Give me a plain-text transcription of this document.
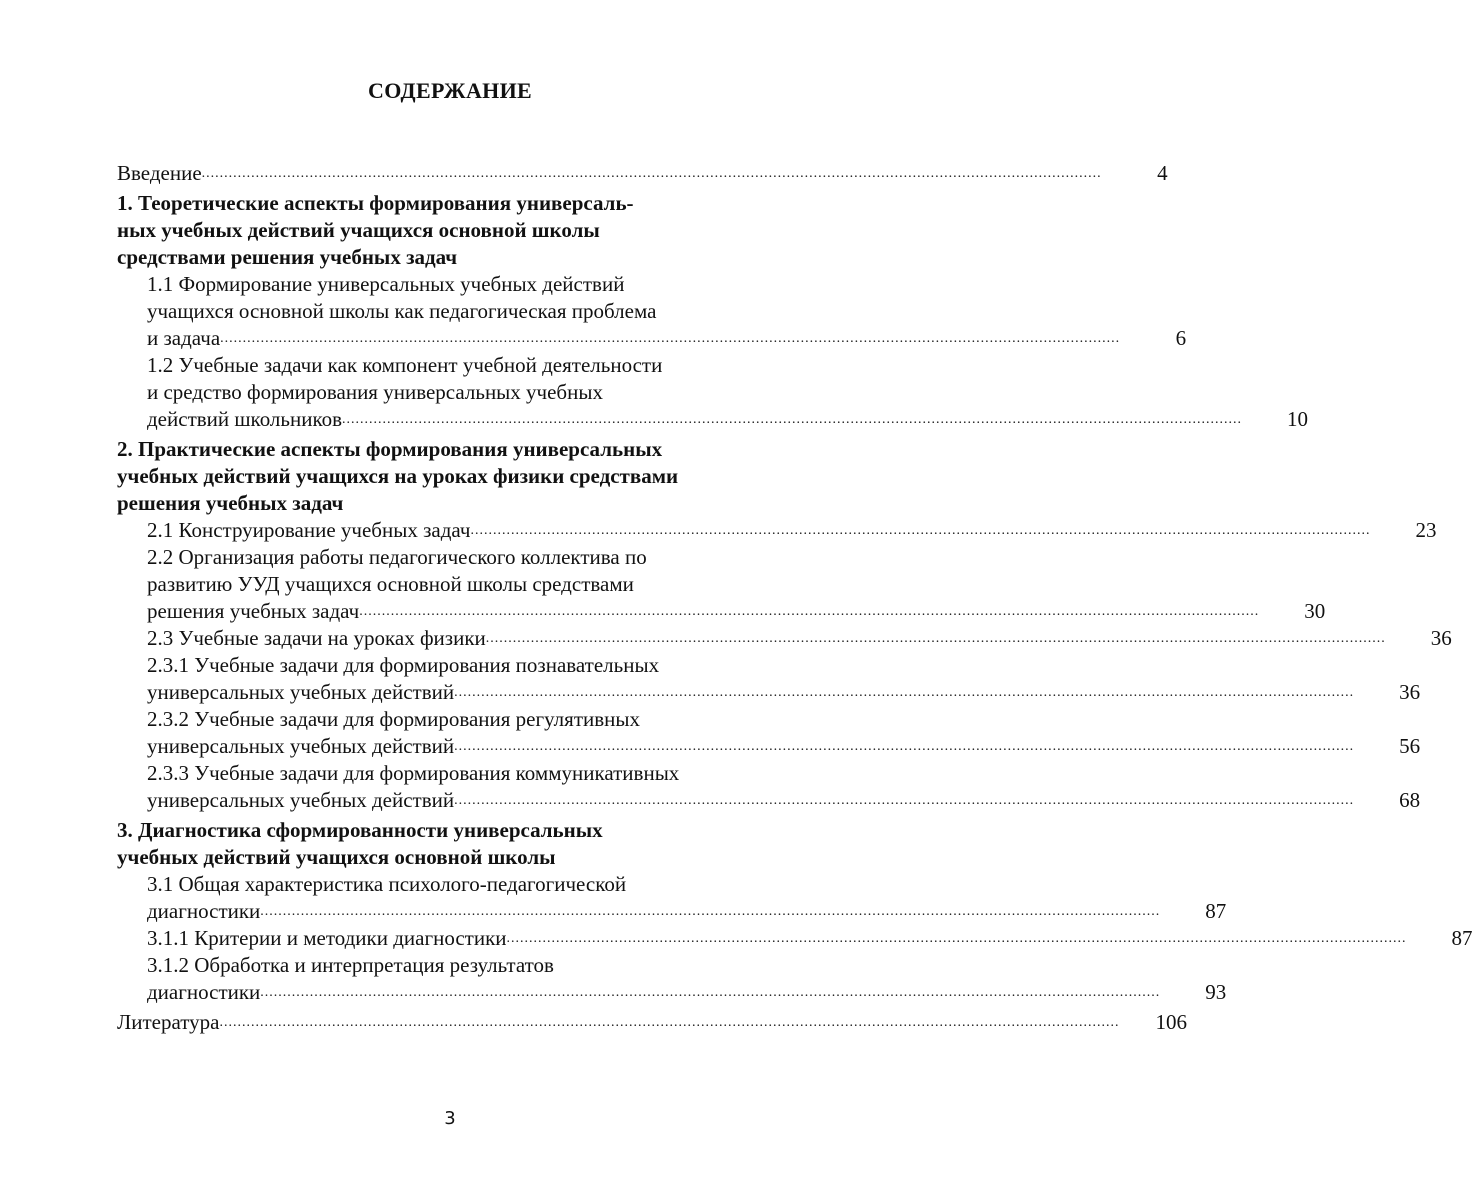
СОДЕРЖАНИЕ
Введение ........................................................................................................................................................................................................	4
1. Теоретические аспекты формирования универсаль-
ных учебных действий учащихся основной школы
средствами решения учебных задач
1.1 Формирование универсальных учебных действий
учащихся основной школы как педагогическая проблема
и задача ........................................................................................................................................................................................................	6
1.2 Учебные задачи как компонент учебной деятельности
и средство формирования универсальных учебных
действий школьников ........................................................................................................................................................................................................	10
2. Практические аспекты формирования универсальных
учебных действий учащихся на уроках физики средствами
решения учебных задач
2.1 Конструирование учебных задач ........................................................................................................................................................................................................	23
2.2 Организация работы педагогического коллектива по
развитию УУД учащихся основной школы средствами
решения учебных задач ........................................................................................................................................................................................................	30
2.3 Учебные задачи на уроках физики ........................................................................................................................................................................................................	36
2.3.1 Учебные задачи для формирования познавательных
универсальных учебных действий ........................................................................................................................................................................................................	36
2.3.2 Учебные задачи для формирования регулятивных
универсальных учебных действий ........................................................................................................................................................................................................	56
2.3.3 Учебные задачи для формирования коммуникативных
универсальных учебных действий ........................................................................................................................................................................................................	68
3. Диагностика сформированности универсальных
учебных действий учащихся основной школы
3.1 Общая характеристика психолого-педагогической
диагностики ........................................................................................................................................................................................................	87
3.1.1 Критерии и методики диагностики ........................................................................................................................................................................................................	87
3.1.2 Обработка и интерпретация результатов
диагностики ........................................................................................................................................................................................................	93
Литература ........................................................................................................................................................................................................ 106
3
